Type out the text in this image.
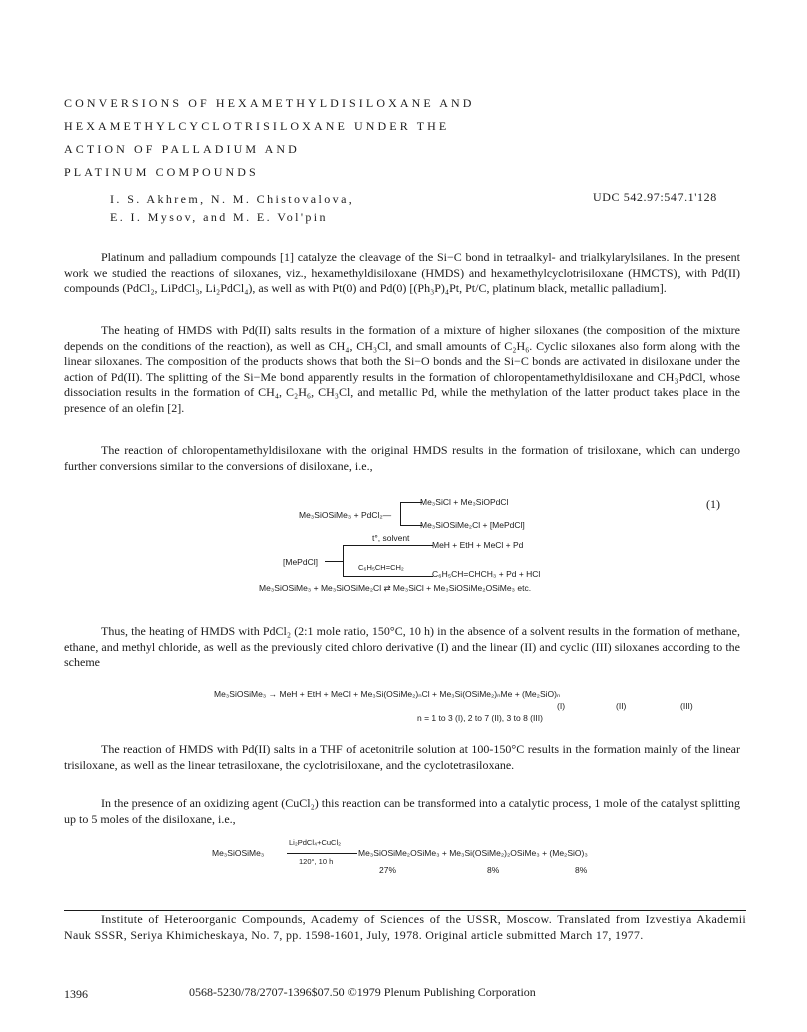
CONVERSIONS OF HEXAMETHYLDISILOXANE AND
HEXAMETHYLCYCLOTRISILOXANE UNDER THE
ACTION OF PALLADIUM AND
PLATINUM COMPOUNDS
I. S. Akhrem, N. M. Chistovalova,
E. I. Mysov, and M. E. Vol'pin
UDC 542.97:547.1'128

Platinum and palladium compounds [1] catalyze the cleavage of the Si−C bond in tetraalkyl- and trialkylarylsilanes. In the present work we studied the reactions of siloxanes, viz., hexamethyldisiloxane (HMDS) and hexamethylcyclotrisiloxane (HMCTS), with Pd(II) compounds (PdCl₂, LiPdCl₃, Li₂PdCl₄), as well as with Pt(0) and Pd(0) [(Ph₃P)₄Pt, Pt/C, platinum black, metallic palladium].

The heating of HMDS with Pd(II) salts results in the formation of a mixture of higher siloxanes (the composition of the mixture depends on the conditions of the reaction), as well as CH₄, CH₃Cl, and small amounts of C₂H₆. Cyclic siloxanes also form along with the linear siloxanes. The composition of the products shows that both the Si−O bonds and the Si−C bonds are activated in disiloxane under the action of Pd(II). The splitting of the Si−Me bond apparently results in the formation of chloropentamethyldisiloxane and CH₃PdCl, whose dissociation results in the formation of CH₄, C₂H₆, CH₃Cl, and metallic Pd, while the methylation of the latter product takes place in the presence of an olefin [2].

The reaction of chloropentamethyldisiloxane with the original HMDS results in the formation of trisiloxane, which can undergo further conversions similar to the conversions of disiloxane, i.e.,

Me₃SiOSiMe₃ + PdCl₂—
Me₃SiCl + Me₃SiOPdCl
Me₃SiOSiMe₂Cl + [MePdCl]
(1)
[MePdCl]
t°, solvent
MeH + EtH + MeCl + Pd
C₆H₅CH=CH₂
C₆H₅CH=CHCH₃ + Pd + HCl
Me₃SiOSiMe₃ + Me₃SiOSiMe₂Cl ⇄ Me₃SiCl + Me₃SiOSiMe₂OSiMe₃ etc.

Thus, the heating of HMDS with PdCl₂ (2:1 mole ratio, 150°C, 10 h) in the absence of a solvent results in the formation of methane, ethane, and methyl chloride, as well as the previously cited chloro derivative (I) and the linear (II) and cyclic (III) siloxanes according to the scheme

Me₃SiOSiMe₃ → MeH + EtH + MeCl + Me₃Si(OSiMe₂)ₙCl + Me₃Si(OSiMe₂)ₙMe + (Me₂SiO)ₙ
(I)	(II)	(III)
n = 1 to 3 (I), 2 to 7 (II), 3 to 8 (III)

The reaction of HMDS with Pd(II) salts in a THF of acetonitrile solution at 100-150°C results in the formation mainly of the linear trisiloxane, as well as the linear tetrasiloxane, the cyclotrisiloxane, and the cyclotetrasiloxane.

In the presence of an oxidizing agent (CuCl₂) this reaction can be transformed into a catalytic process, 1 mole of the catalyst splitting up to 5 moles of the disiloxane, i.e.,

Me₃SiOSiMe₃
Li₂PdCl₄+CuCl₂
120°, 10 h
Me₃SiOSiMe₂OSiMe₃ + Me₃Si(OSiMe₂)₂OSiMe₃ + (Me₂SiO)₃
27%	8%	8%

Institute of Heteroorganic Compounds, Academy of Sciences of the USSR, Moscow. Translated from Izvestiya Akademii Nauk SSSR, Seriya Khimicheskaya, No. 7, pp. 1598-1601, July, 1978. Original article submitted March 17, 1977.

1396	0568-5230/78/2707-1396$07.50 ©1979 Plenum Publishing Corporation
